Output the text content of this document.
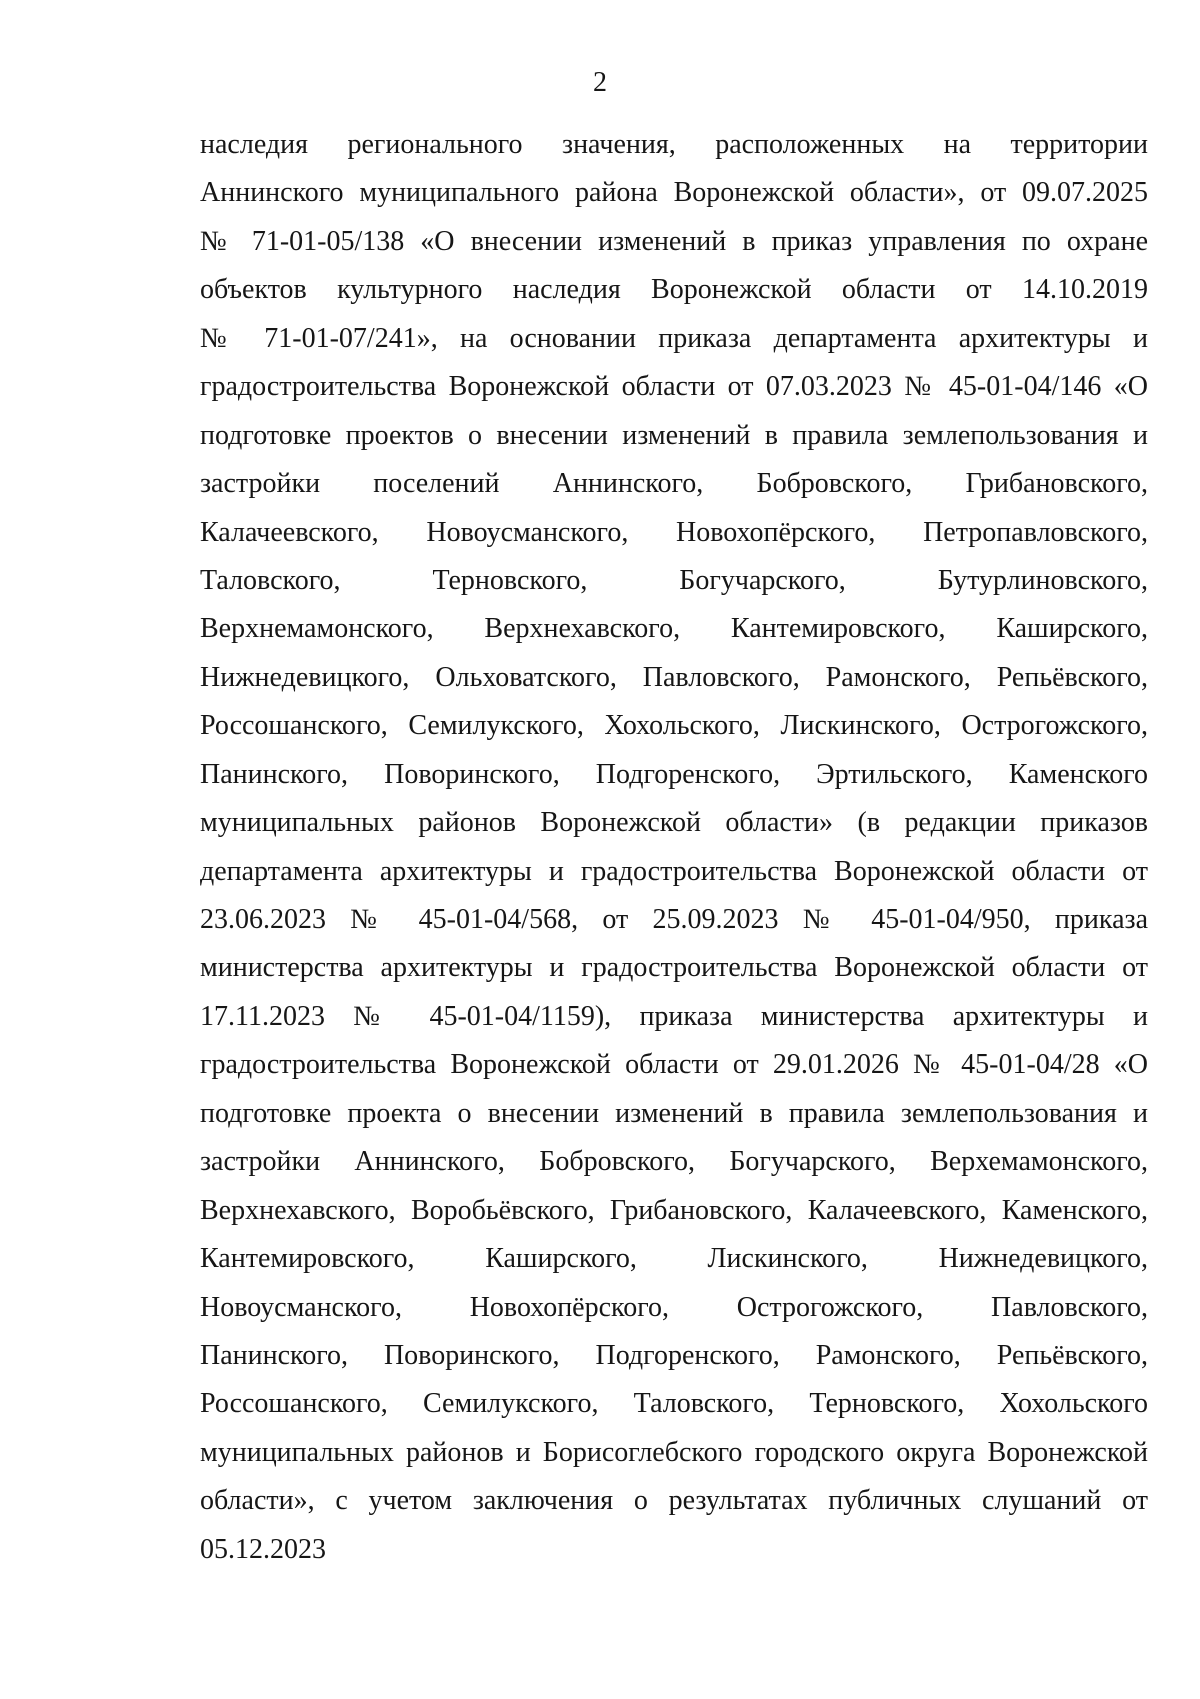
2
наследия регионального значения, расположенных на территории
Аннинского муниципального района Воронежской области», от 09.07.2025
№ 71-01-05/138 «О внесении изменений в приказ управления по охране
объектов культурного наследия Воронежской области от 14.10.2019
№ 71-01-07/241», на основании приказа департамента архитектуры и
градостроительства Воронежской области от 07.03.2023 № 45-01-04/146 «О
подготовке проектов о внесении изменений в правила землепользования и
застройки поселений Аннинского, Бобровского, Грибановского,
Калачеевского, Новоусманского, Новохопёрского, Петропавловского,
Таловского, Терновского, Богучарского, Бутурлиновского,
Верхнемамонского, Верхнехавского, Кантемировского, Каширского,
Нижнедевицкого, Ольховатского, Павловского, Рамонского, Репьёвского,
Россошанского, Семилукского, Хохольского, Лискинского, Острогожского,
Панинского, Поворинского, Подгоренского, Эртильского, Каменского
муниципальных районов Воронежской области» (в редакции приказов
департамента архитектуры и градостроительства Воронежской области от
23.06.2023 № 45-01-04/568, от 25.09.2023 № 45-01-04/950, приказа
министерства архитектуры и градостроительства Воронежской области от
17.11.2023 № 45-01-04/1159), приказа министерства архитектуры и
градостроительства Воронежской области от 29.01.2026 № 45-01-04/28 «О
подготовке проекта о внесении изменений в правила землепользования и
застройки Аннинского, Бобровского, Богучарского, Верхемамонского,
Верхнехавского, Воробьёвского, Грибановского, Калачеевского, Каменского,
Кантемировского, Каширского, Лискинского, Нижнедевицкого,
Новоусманского, Новохопёрского, Острогожского, Павловского,
Панинского, Поворинского, Подгоренского, Рамонского, Репьёвского,
Россошанского, Семилукского, Таловского, Терновского, Хохольского
муниципальных районов и Борисоглебского городского округа Воронежской
области», с учетом заключения о результатах публичных слушаний от
05.12.2023
